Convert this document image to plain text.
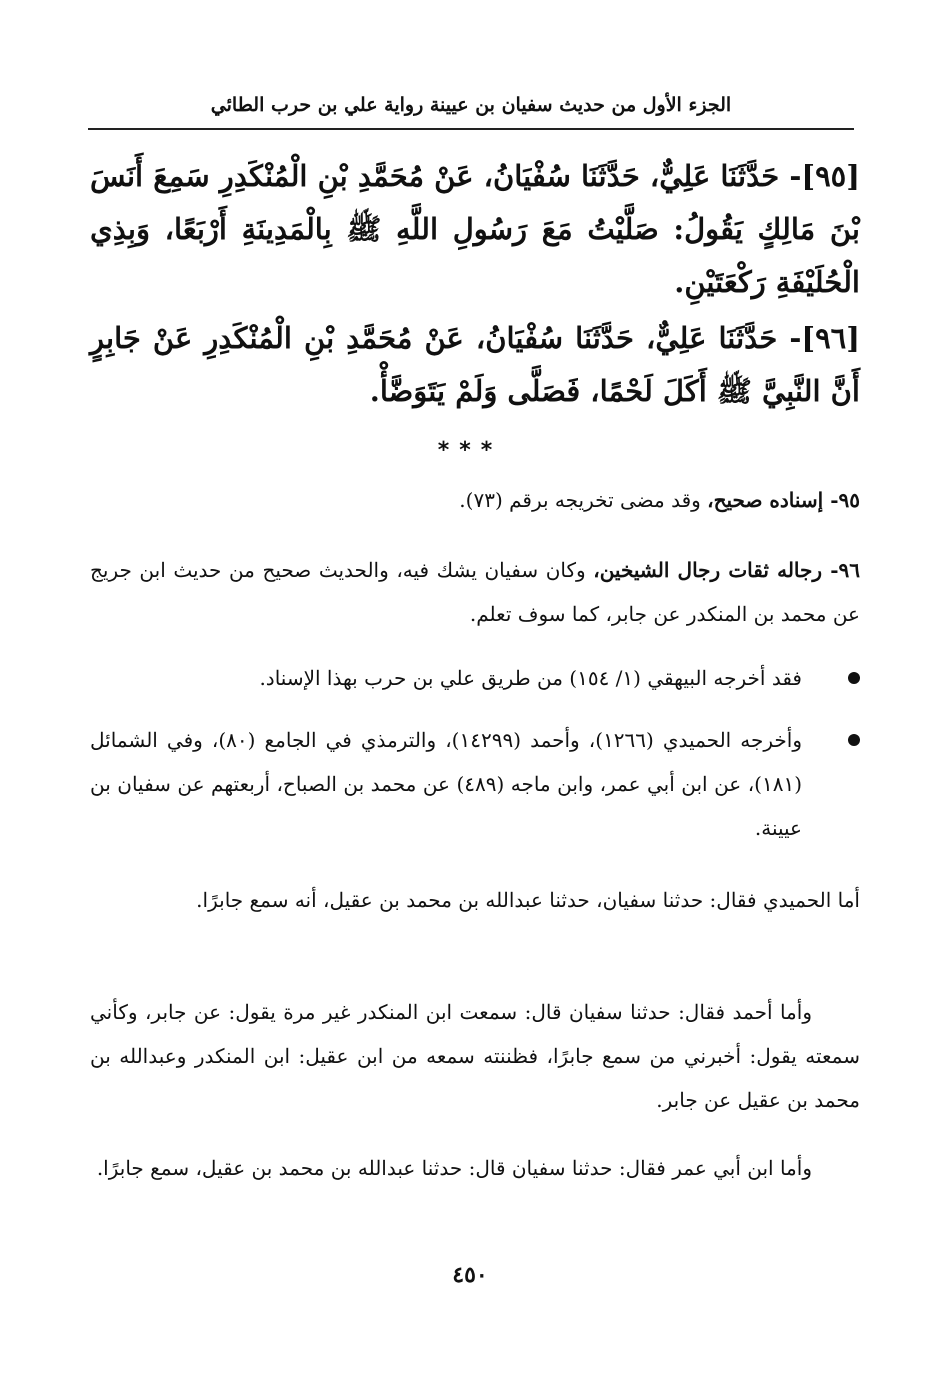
الجزء الأول من حديث سفيان بن عيينة رواية علي بن حرب الطائي
[٩٥]- حَدَّثَنَا عَلِيٌّ، حَدَّثَنَا سُفْيَانُ، عَنْ مُحَمَّدِ بْنِ الْمُنْكَدِرِ سَمِعَ أَنَسَ بْنَ مَالِكٍ يَقُولُ: صَلَّيْتُ مَعَ رَسُولِ اللَّهِ ﷺ بِالْمَدِينَةِ أَرْبَعًا، وَبِذِي الْحُلَيْفَةِ رَكْعَتَيْنِ.
[٩٦]- حَدَّثَنَا عَلِيٌّ، حَدَّثَنَا سُفْيَانُ، عَنْ مُحَمَّدِ بْنِ الْمُنْكَدِرِ عَنْ جَابِرٍ أَنَّ النَّبِيَّ ﷺ أَكَلَ لَحْمًا، فَصَلَّى وَلَمْ يَتَوَضَّأْ.
***
٩٥- إسناده صحيح، وقد مضى تخريجه برقم (٧٣).
٩٦- رجاله ثقات رجال الشيخين، وكان سفيان يشك فيه، والحديث صحيح من حديث ابن جريج عن محمد بن المنكدر عن جابر، كما سوف تعلم.
فقد أخرجه البيهقي (١/ ١٥٤) من طريق علي بن حرب بهذا الإسناد.
وأخرجه الحميدي (١٢٦٦)، وأحمد (١٤٢٩٩)، والترمذي في الجامع (٨٠)، وفي الشمائل (١٨١)، عن ابن أبي عمر، وابن ماجه (٤٨٩) عن محمد بن الصباح، أربعتهم عن سفيان بن عيينة.
أما الحميدي فقال: حدثنا سفيان، حدثنا عبدالله بن محمد بن عقيل، أنه سمع جابرًا.
وأما أحمد فقال: حدثنا سفيان قال: سمعت ابن المنكدر غير مرة يقول: عن جابر، وكأني سمعته يقول: أخبرني من سمع جابرًا، فظننته سمعه من ابن عقيل: ابن المنكدر وعبدالله بن محمد بن عقيل عن جابر.
وأما ابن أبي عمر فقال: حدثنا سفيان قال: حدثنا عبدالله بن محمد بن عقيل، سمع جابرًا.
٤٥٠
